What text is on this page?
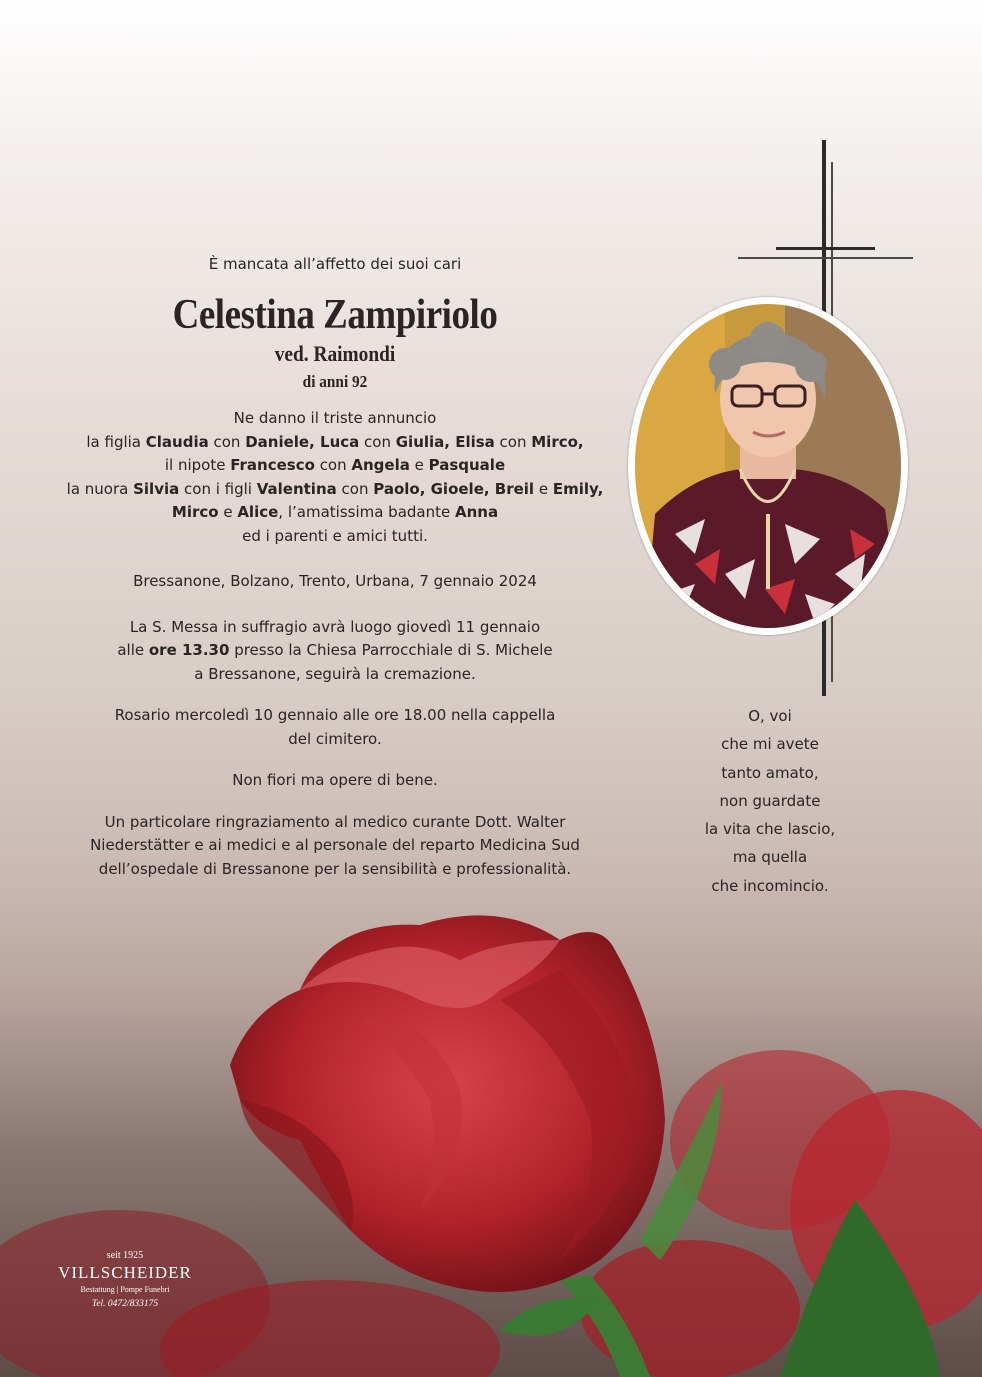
È mancata all’affetto dei suoi cari
Celestina Zampiriolo
ved. Raimondi
di anni 92
Ne danno il triste annuncio
la figlia Claudia con Daniele, Luca con Giulia, Elisa con Mirco,
il nipote Francesco con Angela e Pasquale
la nuora Silvia con i figli Valentina con Paolo, Gioele, Breil e Emily,
Mirco e Alice, l’amatissima badante Anna
ed i parenti e amici tutti.
Bressanone, Bolzano, Trento, Urbana, 7 gennaio 2024
La S. Messa in suffragio avrà luogo giovedì 11 gennaio
alle ore 13.30 presso la Chiesa Parrocchiale di S. Michele
a Bressanone, seguirà la cremazione.
Rosario mercoledì 10 gennaio alle ore 18.00 nella cappella
del cimitero.
Non fiori ma opere di bene.
Un particolare ringraziamento al medico curante Dott. Walter
Niederstätter e ai medici e al personale del reparto Medicina Sud
dell’ospedale di Bressanone per la sensibilità e professionalità.
O, voi
che mi avete
tanto amato,
non guardate
la vita che lascio,
ma quella
che incomincio.
seit 1925
VILLSCHEIDER
Bestattung | Pompe Funebri
Tel. 0472/833175
